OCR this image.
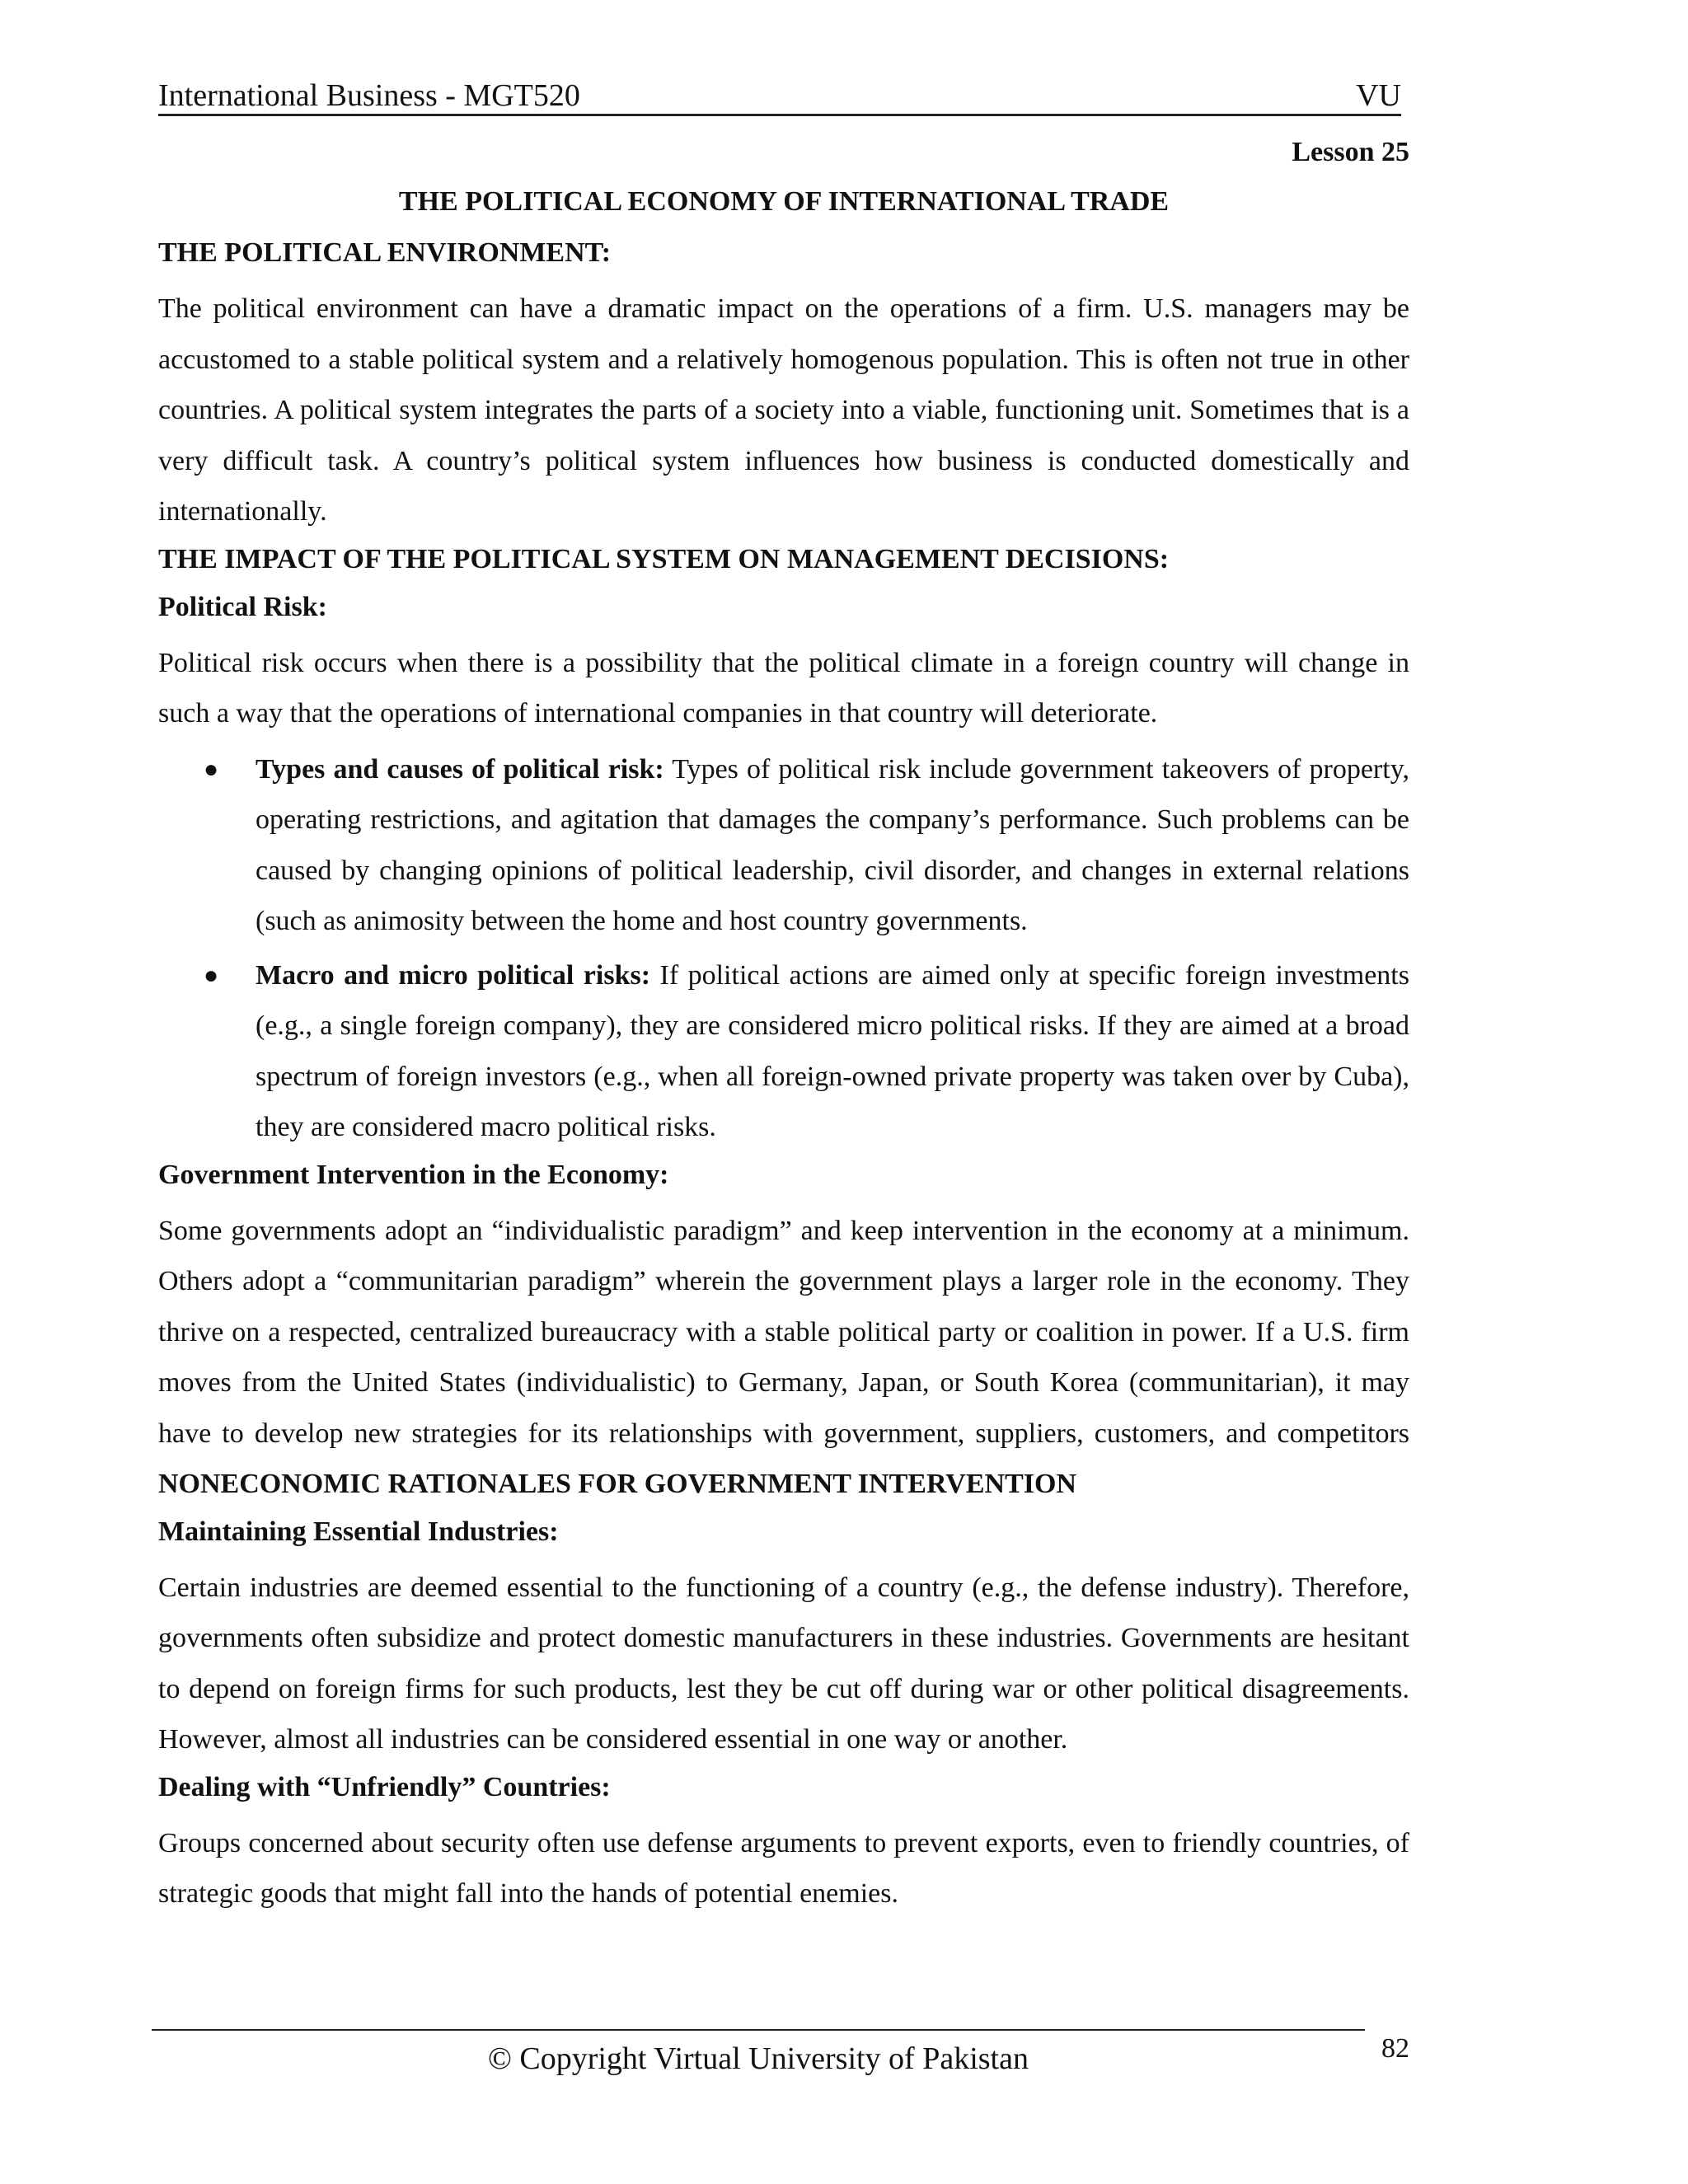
International Business - MGT520	VU
Lesson 25
THE POLITICAL ECONOMY OF INTERNATIONAL TRADE
THE POLITICAL ENVIRONMENT:

The political environment can have a dramatic impact on the operations of a firm. U.S. managers may be accustomed to a stable political system and a relatively homogenous population. This is often not true in other countries. A political system integrates the parts of a society into a viable, functioning unit. Sometimes that is a very difficult task. A country’s political system influences how business is conducted domestically and internationally.

THE IMPACT OF THE POLITICAL SYSTEM ON MANAGEMENT DECISIONS:
Political Risk:

Political risk occurs when there is a possibility that the political climate in a foreign country will change in such a way that the operations of international companies in that country will deteriorate.

● Types and causes of political risk: Types of political risk include government takeovers of property, operating restrictions, and agitation that damages the company’s performance. Such problems can be caused by changing opinions of political leadership, civil disorder, and changes in external relations (such as animosity between the home and host country governments.
● Macro and micro political risks: If political actions are aimed only at specific foreign investments (e.g., a single foreign company), they are considered micro political risks. If they are aimed at a broad spectrum of foreign investors (e.g., when all foreign-owned private property was taken over by Cuba), they are considered macro political risks.
Government Intervention in the Economy:

Some governments adopt an “individualistic paradigm” and keep intervention in the economy at a minimum. Others adopt a “communitarian paradigm” wherein the government plays a larger role in the economy. They thrive on a respected, centralized bureaucracy with a stable political party or coalition in power. If a U.S. firm moves from the United States (individualistic) to Germany, Japan, or South Korea (communitarian), it may have to develop new strategies for its relationships with government, suppliers, customers, and competitors NONECONOMIC RATIONALES FOR GOVERNMENT INTERVENTION

Maintaining Essential Industries:

Certain industries are deemed essential to the functioning of a country (e.g., the defense industry). Therefore, governments often subsidize and protect domestic manufacturers in these industries. Governments are hesitant to depend on foreign firms for such products, lest they be cut off during war or other political disagreements. However, almost all industries can be considered essential in one way or another.

Dealing with “Unfriendly” Countries:

Groups concerned about security often use defense arguments to prevent exports, even to friendly countries, of strategic goods that might fall into the hands of potential enemies.

© Copyright Virtual University of Pakistan	82
